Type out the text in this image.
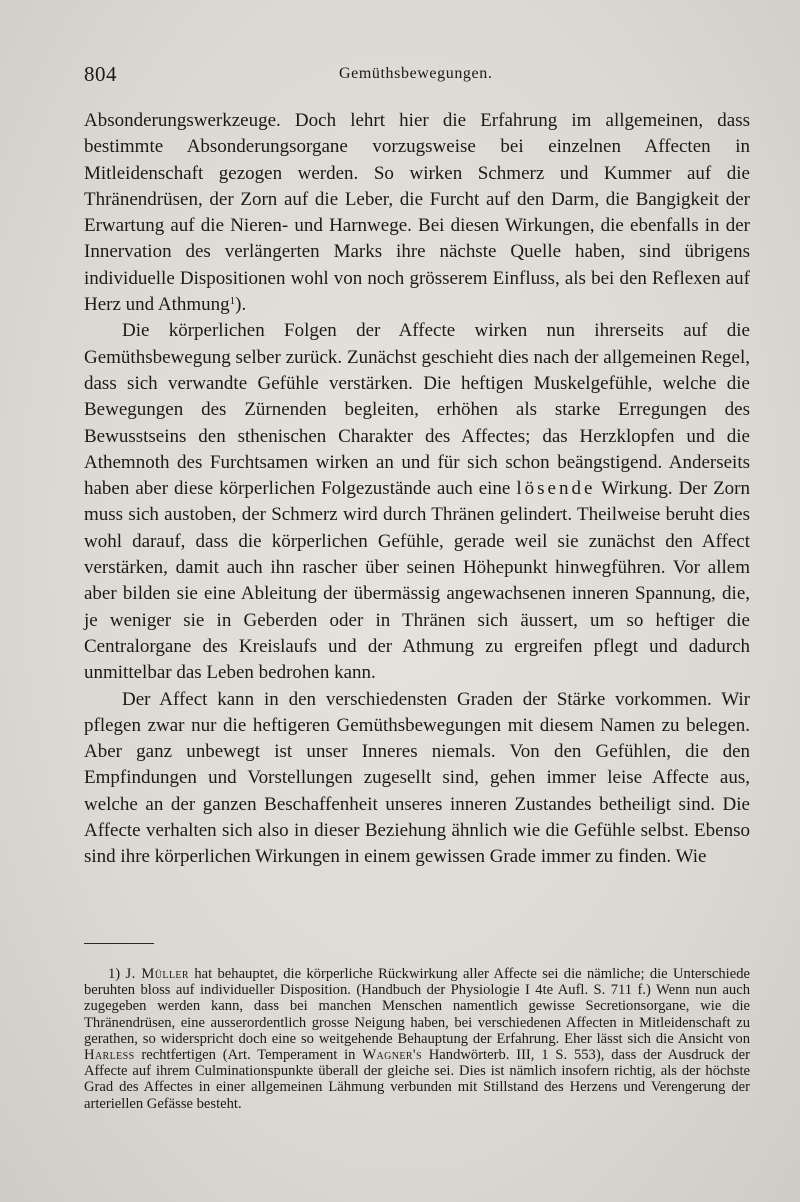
804	Gemüthsbewegungen.

Absonderungswerkzeuge. Doch lehrt hier die Erfahrung im allgemeinen, dass bestimmte Absonderungsorgane vorzugsweise bei einzelnen Affecten in Mitleidenschaft gezogen werden. So wirken Schmerz und Kummer auf die Thränendrüsen, der Zorn auf die Leber, die Furcht auf den Darm, die Bangigkeit der Erwartung auf die Nieren- und Harnwege. Bei diesen Wirkungen, die ebenfalls in der Innervation des verlängerten Marks ihre nächste Quelle haben, sind übrigens individuelle Dispositionen wohl von noch grösserem Einfluss, als bei den Reflexen auf Herz und Athmung$^1$).

Die körperlichen Folgen der Affecte wirken nun ihrerseits auf die Gemüthsbewegung selber zurück. Zunächst geschieht dies nach der allgemeinen Regel, dass sich verwandte Gefühle verstärken. Die heftigen Muskelgefühle, welche die Bewegungen des Zürnenden begleiten, erhöhen als starke Erregungen des Bewusstseins den sthenischen Charakter des Affectes; das Herzklopfen und die Athemnoth des Furchtsamen wirken an und für sich schon beängstigend. Anderseits haben aber diese körperlichen Folgezustände auch eine lösende Wirkung. Der Zorn muss sich austoben, der Schmerz wird durch Thränen gelindert. Theilweise beruht dies wohl darauf, dass die körperlichen Gefühle, gerade weil sie zunächst den Affect verstärken, damit auch ihn rascher über seinen Höhepunkt hinwegführen. Vor allem aber bilden sie eine Ableitung der übermässig angewachsenen inneren Spannung, die, je weniger sie in Geberden oder in Thränen sich äussert, um so heftiger die Centralorgane des Kreislaufs und der Athmung zu ergreifen pflegt und dadurch unmittelbar das Leben bedrohen kann.

Der Affect kann in den verschiedensten Graden der Stärke vorkommen. Wir pflegen zwar nur die heftigeren Gemüthsbewegungen mit diesem Namen zu belegen. Aber ganz unbewegt ist unser Inneres niemals. Von den Gefühlen, die den Empfindungen und Vorstellungen zugesellt sind, gehen immer leise Affecte aus, welche an der ganzen Beschaffenheit unseres inneren Zustandes betheiligt sind. Die Affecte verhalten sich also in dieser Beziehung ähnlich wie die Gefühle selbst. Ebenso sind ihre körperlichen Wirkungen in einem gewissen Grade immer zu finden. Wie

1) J. Müller hat behauptet, die körperliche Rückwirkung aller Affecte sei die nämliche; die Unterschiede beruhten bloss auf individueller Disposition. (Handbuch der Physiologie I 4te Aufl. S. 711 f.) Wenn nun auch zugegeben werden kann, dass bei manchen Menschen namentlich gewisse Secretionsorgane, wie die Thränendrüsen, eine ausserordentlich grosse Neigung haben, bei verschiedenen Affecten in Mitleidenschaft zu gerathen, so widerspricht doch eine so weitgehende Behauptung der Erfahrung. Eher lässt sich die Ansicht von Harless rechtfertigen (Art. Temperament in Wagner's Handwörterb. III, 1 S. 553), dass der Ausdruck der Affecte auf ihrem Culminationspunkte überall der gleiche sei. Dies ist nämlich insofern richtig, als der höchste Grad des Affectes in einer allgemeinen Lähmung verbunden mit Stillstand des Herzens und Verengerung der arteriellen Gefässe besteht.
